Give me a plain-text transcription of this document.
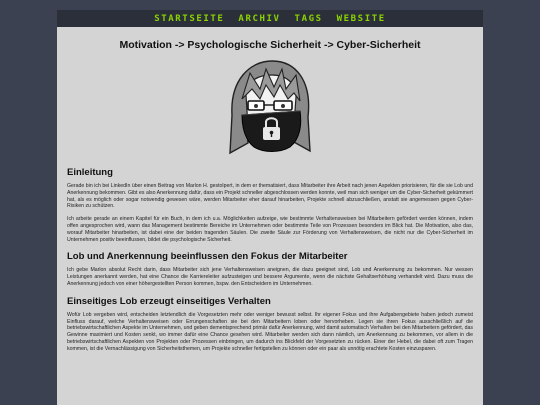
STARTSEITE ARCHIV TAGS WEBSITE
Motivation -> Psychologische Sicherheit -> Cyber-Sicherheit
Einleitung

Gerade bin ich bei LinkedIn über einen Beitrag von Marlon H. gestolpert, in dem er thematisiert, dass Mitarbeiter ihre Arbeit nach jenen Aspekten priorisieren, für die sie Lob und Anerkennung bekommen. Gibt es also Anerkennung dafür, dass ein Projekt schneller abgeschlossen werden konnte, weil man sich weniger um die Cyber-Sicherheit gekümmert hat, als es möglich oder sogar notwendig gewesen wäre, werden Mitarbeiter eher darauf hinarbeiten, Projekte schnell abzuschließen, anstatt sie angemessen gegen Cyber-Risiken zu schützen.

Ich arbeite gerade an einem Kapitel für ein Buch, in dem ich u.a. Möglichkeiten aufzeige, wie bestimmte Verhaltensweisen bei Mitarbeitern gefördert werden können, indem offen angesprochen wird, wann das Management bestimmte Bereiche im Unternehmen oder bestimmte Teile von Prozessen besonders im Blick hat. Die Motivation, also das, worauf Mitarbeiter hinarbeiten, ist dabei eine der beiden tragenden Säulen. Die zweite Säule zur Förderung von Verhaltensweisen, die nicht nur die Cyber-Sicherheit im Unternehmen positiv beeinflussen, bildet die psychologische Sicherheit.

Lob und Anerkennung beeinflussen den Fokus der Mitarbeiter

Ich gebe Marlon absolut Recht darin, dass Mitarbeiter sich jene Verhaltensweisen aneignen, die dazu geeignet sind, Lob und Anerkennung zu bekommen. Nur wessen Leistungen anerkannt werden, hat eine Chance die Karriereleiter aufzusteigen und bessere Argumente, wenn die nächste Gehaltserhöhung verhandelt wird. Dazu muss die Anerkennung jedoch von einer höhergestellten Person kommen, bspw. den Entscheidern im Unternehmen.

Einseitiges Lob erzeugt einseitiges Verhalten

Wofür Lob vergeben wird, entscheiden letztendlich die Vorgesetzten mehr oder weniger bewusst selbst. Ihr eigener Fokus und ihre Aufgabengebiete haben jedoch zumeist Einfluss darauf, welche Verhaltensweisen oder Errungenschaften sie bei den Mitarbeitern loben oder hervorheben. Legen sie ihren Fokus ausschließlich auf die betriebswirtschaftlichen Aspekte im Unternehmen, und geben dementsprechend primär dafür Anerkennung, wird damit automatisch Verhalten bei den Mitarbeitern gefördert, das Gewinne maximiert und Kosten senkt, wo immer dafür eine Chance gesehen wird. Mitarbeiter werden sich dann nämlich, um Anerkennung zu bekommen, vor allem in die betriebswirtschaftlichen Aspekten von Projekten oder Prozessen einbringen, um dadurch ins Blickfeld der Vorgesetzten zu rücken. Einer der Hebel, die dabei oft zum Tragen kommen, ist die Vernachlässigung von Sicherheitsthemen, um Projekte schneller fertigstellen zu können oder ein paar als unnötig erachtete Kosten einzusparen.
